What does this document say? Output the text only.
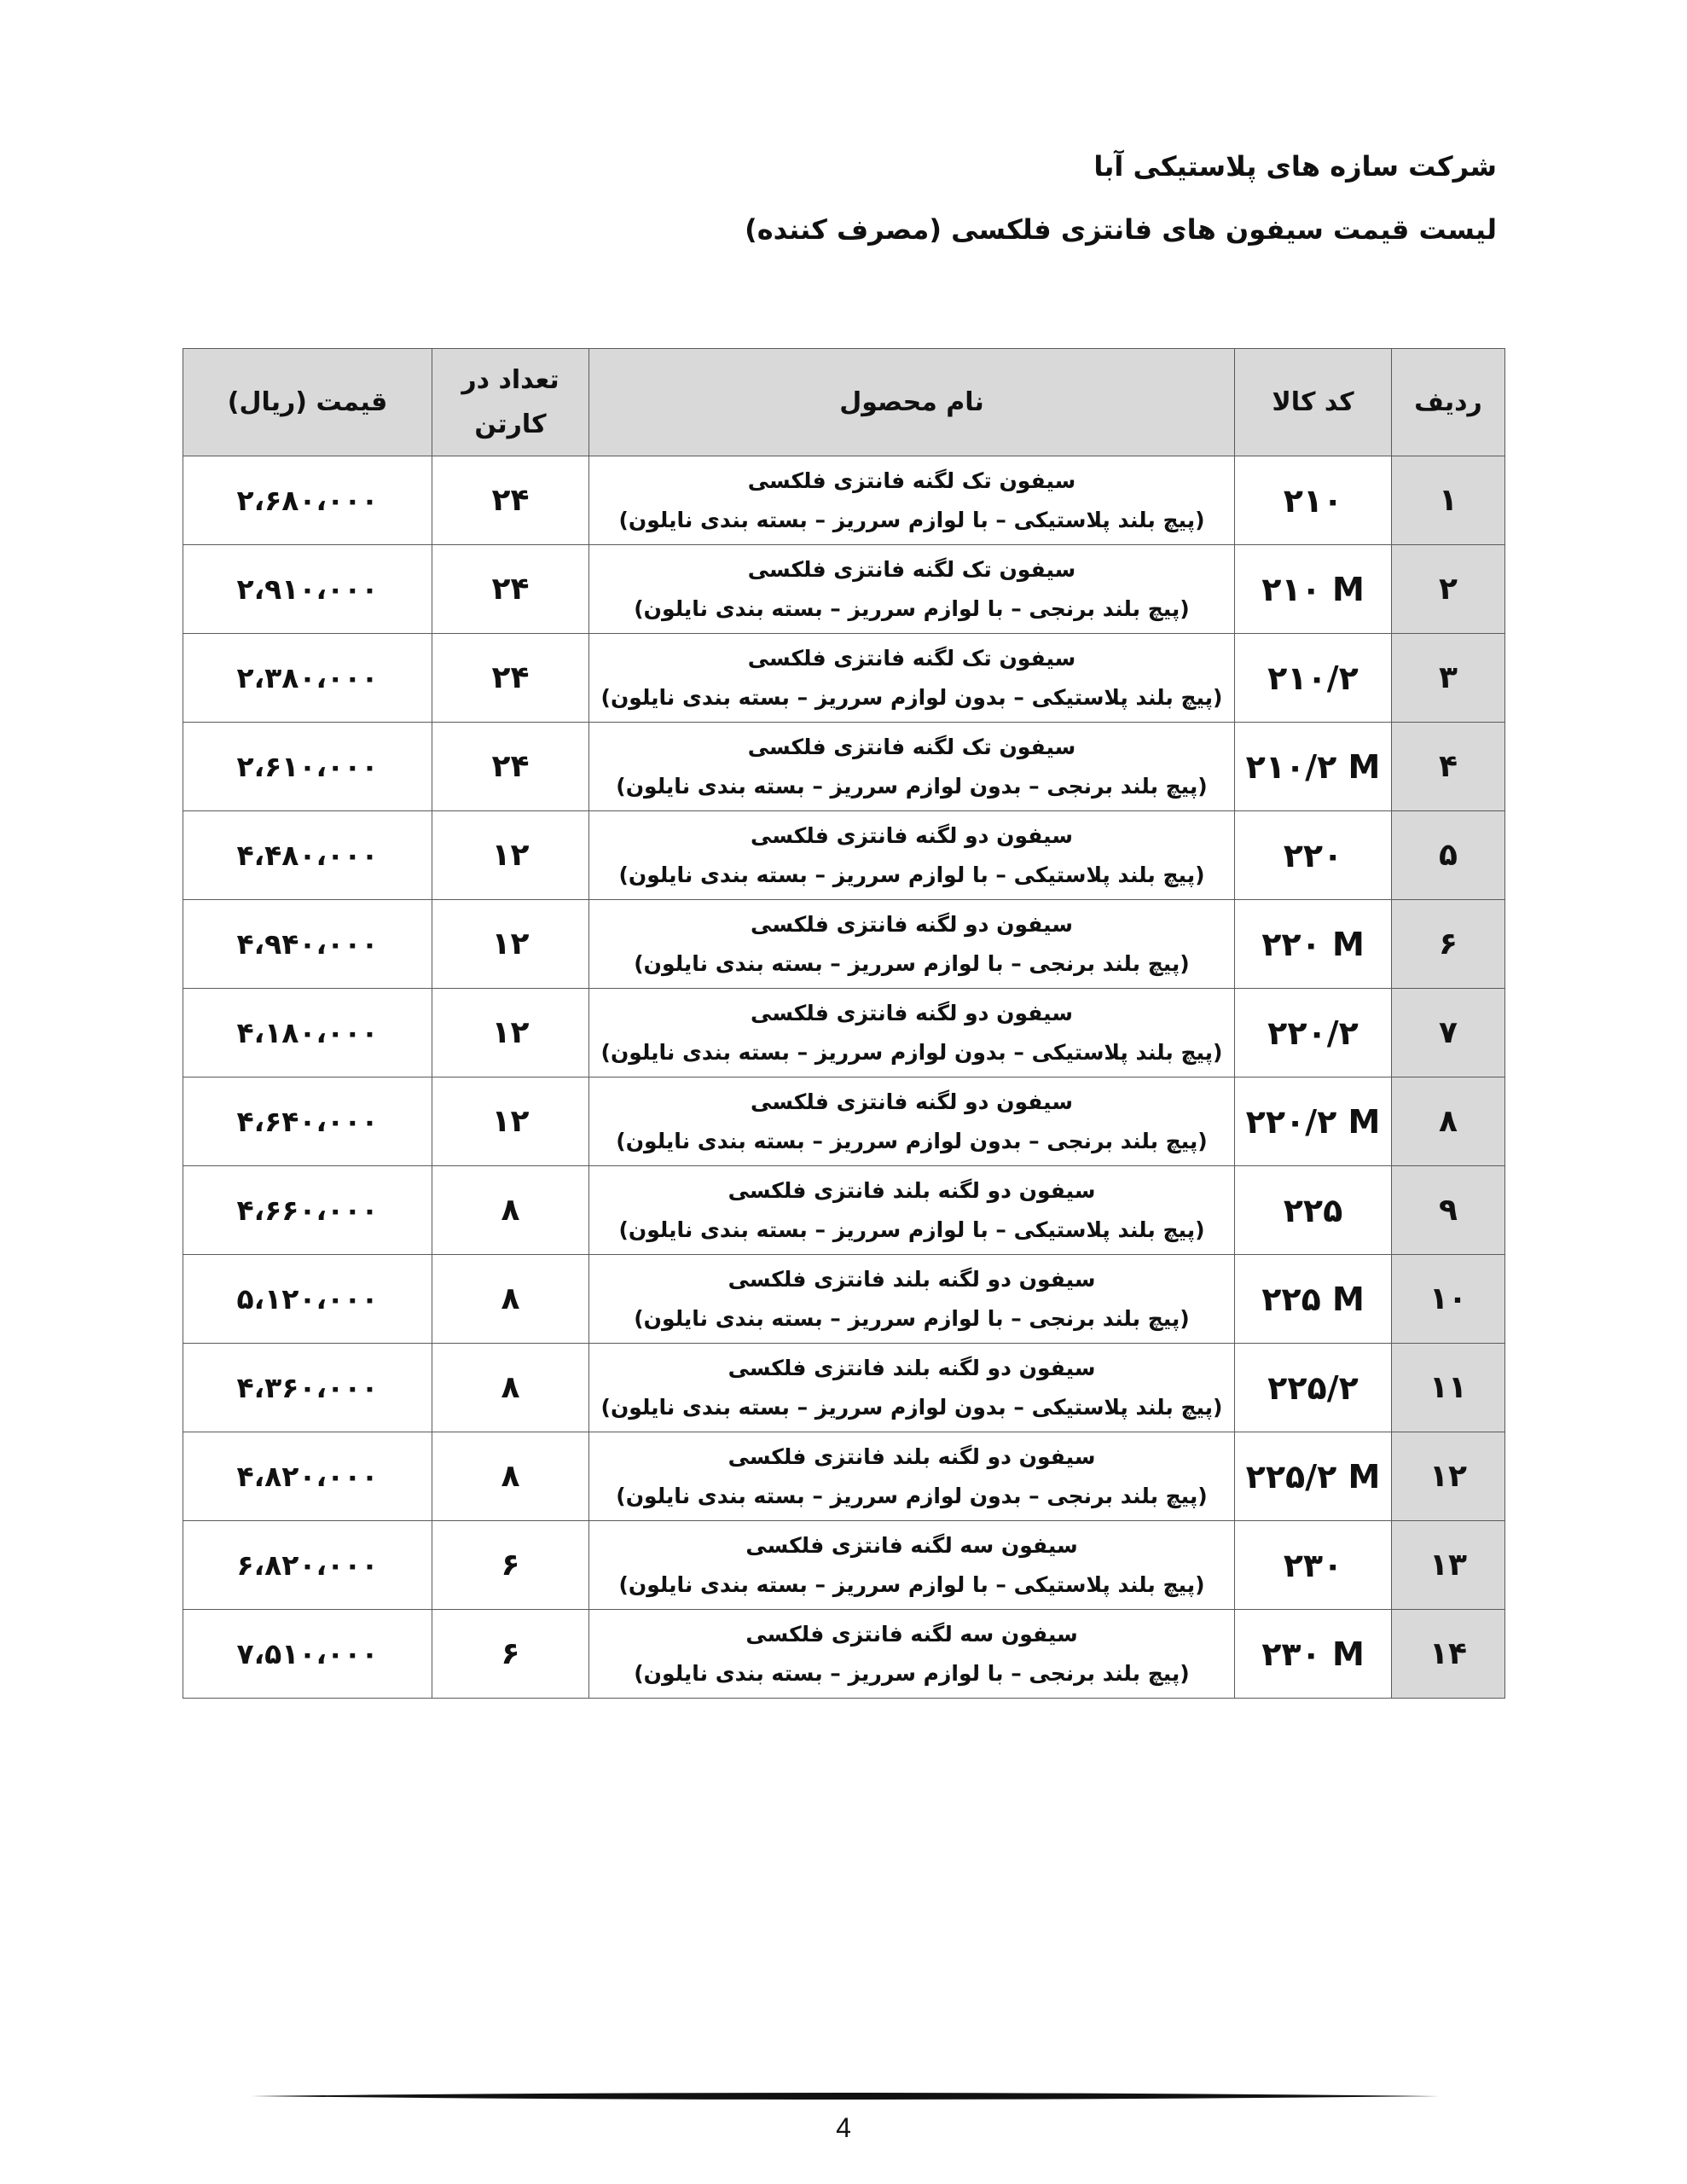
شرکت سازه های پلاستیکی آبا
لیست قیمت سیفون های فانتزی فلکسی (مصرف کننده)
ردیف	کد کالا	نام محصول	تعداد در
کارتن	قیمت (ریال)
۱	۲۱۰	سیفون تک لگنه فانتزی فلکسی
(پیچ بلند پلاستیکی – با لوازم سرریز – بسته بندی نایلون)	۲۴	۲،۶۸۰،۰۰۰
۲	۲۱۰ M	سیفون تک لگنه فانتزی فلکسی
(پیچ بلند برنجی – با لوازم سرریز – بسته بندی نایلون)	۲۴	۲،۹۱۰،۰۰۰
۳	۲۱۰/۲	سیفون تک لگنه فانتزی فلکسی
(پیچ بلند پلاستیکی – بدون لوازم سرریز – بسته بندی نایلون)	۲۴	۲،۳۸۰،۰۰۰
۴	۲۱۰/۲ M	سیفون تک لگنه فانتزی فلکسی
(پیچ بلند برنجی – بدون لوازم سرریز – بسته بندی نایلون)	۲۴	۲،۶۱۰،۰۰۰
۵	۲۲۰	سیفون دو لگنه فانتزی فلکسی
(پیچ بلند پلاستیکی – با لوازم سرریز – بسته بندی نایلون)	۱۲	۴،۴۸۰،۰۰۰
۶	۲۲۰ M	سیفون دو لگنه فانتزی فلکسی
(پیچ بلند برنجی – با لوازم سرریز – بسته بندی نایلون)	۱۲	۴،۹۴۰،۰۰۰
۷	۲۲۰/۲	سیفون دو لگنه فانتزی فلکسی
(پیچ بلند پلاستیکی – بدون لوازم سرریز – بسته بندی نایلون)	۱۲	۴،۱۸۰،۰۰۰
۸	۲۲۰/۲ M	سیفون دو لگنه فانتزی فلکسی
(پیچ بلند برنجی – بدون لوازم سرریز – بسته بندی نایلون)	۱۲	۴،۶۴۰،۰۰۰
۹	۲۲۵	سیفون دو لگنه بلند فانتزی فلکسی
(پیچ بلند پلاستیکی – با لوازم سرریز – بسته بندی نایلون)	۸	۴،۶۶۰،۰۰۰
۱۰	۲۲۵ M	سیفون دو لگنه بلند فانتزی فلکسی
(پیچ بلند برنجی – با لوازم سرریز – بسته بندی نایلون)	۸	۵،۱۲۰،۰۰۰
۱۱	۲۲۵/۲	سیفون دو لگنه بلند فانتزی فلکسی
(پیچ بلند پلاستیکی – بدون لوازم سرریز – بسته بندی نایلون)	۸	۴،۳۶۰،۰۰۰
۱۲	۲۲۵/۲ M	سیفون دو لگنه بلند فانتزی فلکسی
(پیچ بلند برنجی – بدون لوازم سرریز – بسته بندی نایلون)	۸	۴،۸۲۰،۰۰۰
۱۳	۲۳۰	سیفون سه لگنه فانتزی فلکسی
(پیچ بلند پلاستیکی – با لوازم سرریز – بسته بندی نایلون)	۶	۶،۸۲۰،۰۰۰
۱۴	۲۳۰ M	سیفون سه لگنه فانتزی فلکسی
(پیچ بلند برنجی – با لوازم سرریز – بسته بندی نایلون)	۶	۷،۵۱۰،۰۰۰
4
